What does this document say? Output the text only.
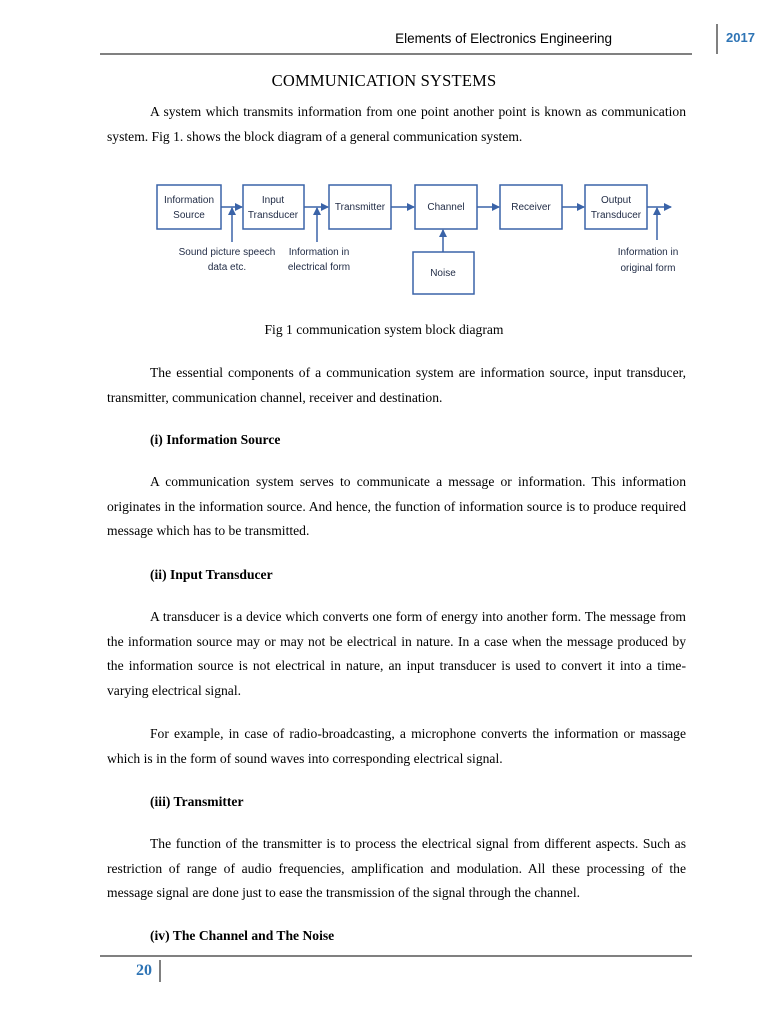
Elements of Electronics Engineering	2017
COMMUNICATION SYSTEMS

A system which transmits information from one point another point is known as communication system. Fig 1. shows the block diagram of a general communication system.

Information
Source
Input
Transducer
Transmitter	Channel	Receiver
Output
Transducer
Noise
Sound picture speech
data etc.
Information in
electrical form
Information in
original form
Fig 1 communication system block diagram

The essential components of a communication system are information source, input transducer, transmitter, communication channel, receiver and destination.

(i) Information Source

A communication system serves to communicate a message or information. This information originates in the information source. And hence, the function of information source is to produce required message which has to be transmitted.

(ii) Input Transducer

A transducer is a device which converts one form of energy into another form. The message from the information source may or may not be electrical in nature. In a case when the message produced by the information source is not electrical in nature, an input transducer is used to convert it into a time-varying electrical signal.

For example, in case of radio-broadcasting, a microphone converts the information or massage which is in the form of sound waves into corresponding electrical signal.

(iii) Transmitter

The function of the transmitter is to process the electrical signal from different aspects. Such as restriction of range of audio frequencies, amplification and modulation. All these processing of the message signal are done just to ease the transmission of the signal through the channel.

(iv) The Channel and The Noise
20
